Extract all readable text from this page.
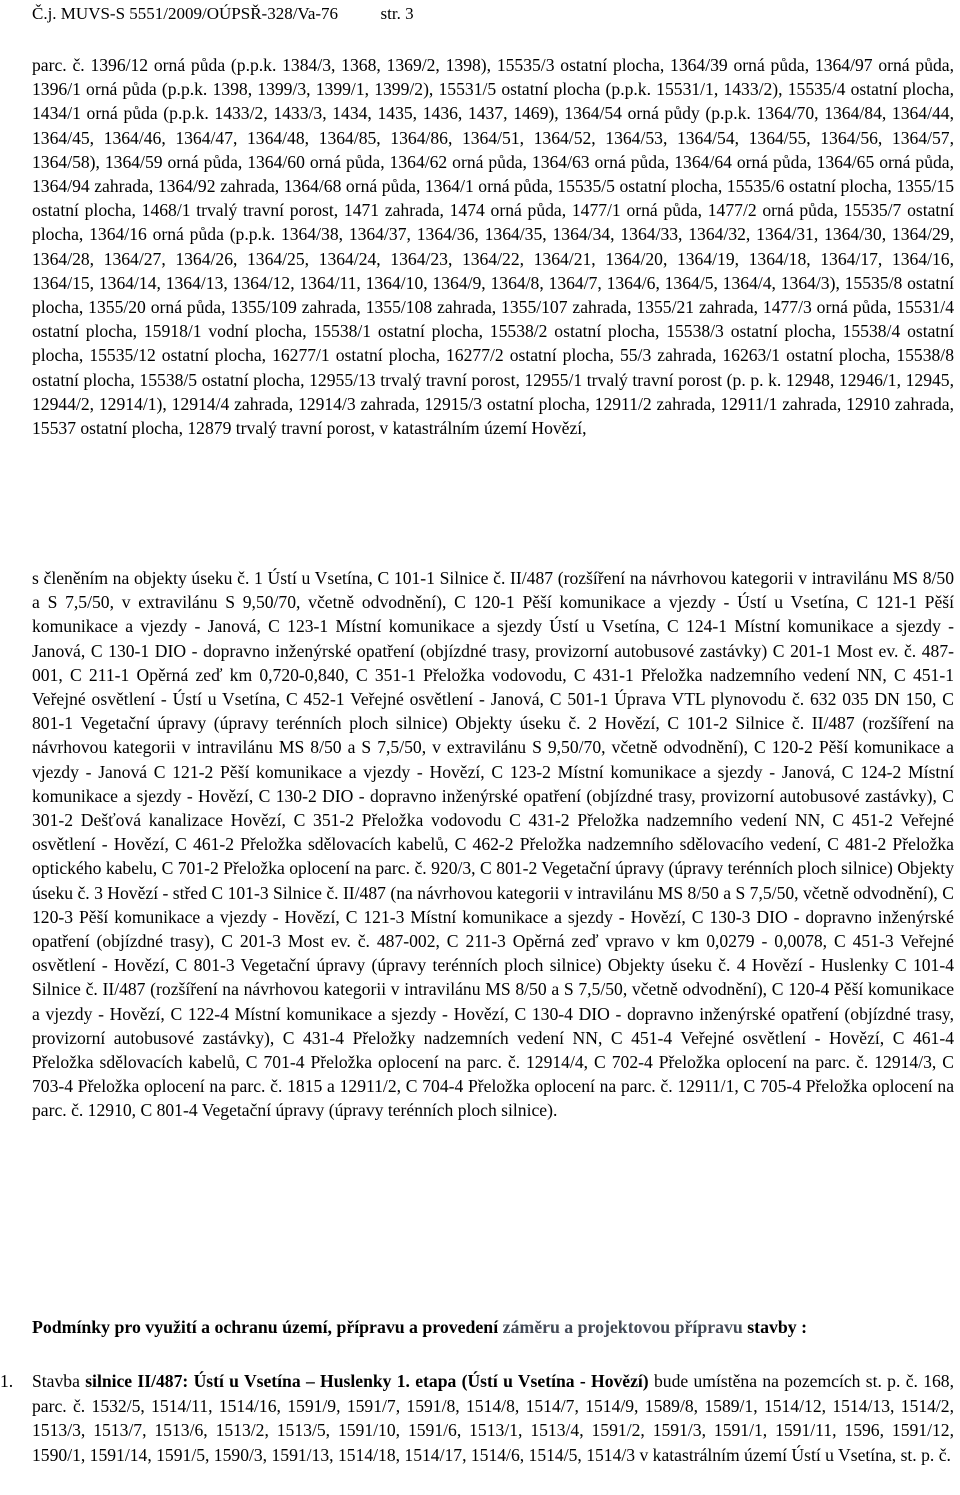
Č.j. MUVS-S 5551/2009/OÚPSŘ-328/Va-76	str. 3
parc. č. 1396/12 orná půda (p.p.k. 1384/3, 1368, 1369/2, 1398), 15535/3 ostatní plocha, 1364/39 orná půda, 1364/97 orná půda, 1396/1 orná půda (p.p.k. 1398, 1399/3, 1399/1, 1399/2), 15531/5 ostatní plocha (p.p.k. 15531/1, 1433/2), 15535/4 ostatní plocha, 1434/1 orná půda (p.p.k. 1433/2, 1433/3, 1434, 1435, 1436, 1437, 1469), 1364/54 orná půdy (p.p.k. 1364/70, 1364/84, 1364/44, 1364/45, 1364/46, 1364/47, 1364/48, 1364/85, 1364/86, 1364/51, 1364/52, 1364/53, 1364/54, 1364/55, 1364/56, 1364/57, 1364/58), 1364/59 orná půda, 1364/60 orná půda, 1364/62 orná půda, 1364/63 orná půda, 1364/64 orná půda, 1364/65 orná půda, 1364/94 zahrada, 1364/92 zahrada, 1364/68 orná půda, 1364/1 orná půda, 15535/5 ostatní plocha, 15535/6 ostatní plocha, 1355/15 ostatní plocha, 1468/1 trvalý travní porost, 1471 zahrada, 1474 orná půda, 1477/1 orná půda, 1477/2 orná půda, 15535/7 ostatní plocha, 1364/16 orná půda (p.p.k. 1364/38, 1364/37, 1364/36, 1364/35, 1364/34, 1364/33, 1364/32, 1364/31, 1364/30, 1364/29, 1364/28, 1364/27, 1364/26, 1364/25, 1364/24, 1364/23, 1364/22, 1364/21, 1364/20, 1364/19, 1364/18, 1364/17, 1364/16, 1364/15, 1364/14, 1364/13, 1364/12, 1364/11, 1364/10, 1364/9, 1364/8, 1364/7, 1364/6, 1364/5, 1364/4, 1364/3), 15535/8 ostatní plocha, 1355/20 orná půda, 1355/109 zahrada, 1355/108 zahrada, 1355/107 zahrada, 1355/21 zahrada, 1477/3 orná půda, 15531/4 ostatní plocha, 15918/1 vodní plocha, 15538/1 ostatní plocha, 15538/2 ostatní plocha, 15538/3 ostatní plocha, 15538/4 ostatní plocha, 15535/12 ostatní plocha, 16277/1 ostatní plocha, 16277/2 ostatní plocha, 55/3 zahrada, 16263/1 ostatní plocha, 15538/8 ostatní plocha, 15538/5 ostatní plocha, 12955/13 trvalý travní porost, 12955/1 trvalý travní porost (p. p. k. 12948, 12946/1, 12945, 12944/2, 12914/1), 12914/4 zahrada, 12914/3 zahrada, 12915/3 ostatní plocha, 12911/2 zahrada, 12911/1 zahrada, 12910 zahrada, 15537 ostatní plocha, 12879 trvalý travní porost, v katastrálním území Hovězí,
s členěním na objekty úseku č. 1 Ústí u Vsetína, C 101-1 Silnice č. II/487 (rozšíření na návrhovou kategorii v intravilánu MS 8/50 a S 7,5/50, v extravilánu S 9,50/70, včetně odvodnění), C 120-1 Pěší komunikace a vjezdy - Ústí u Vsetína, C 121-1 Pěší komunikace a vjezdy - Janová, C 123-1 Místní komunikace a sjezdy Ústí u Vsetína, C 124-1 Místní komunikace a sjezdy - Janová, C 130-1 DIO - dopravno inženýrské opatření (objízdné trasy, provizorní autobusové zastávky) C 201-1 Most ev. č. 487-001, C 211-1 Opěrná zeď km 0,720-0,840, C 351-1 Přeložka vodovodu, C 431-1 Přeložka nadzemního vedení NN, C 451-1 Veřejné osvětlení - Ústí u Vsetína, C 452-1 Veřejné osvětlení - Janová, C 501-1 Úprava VTL plynovodu č. 632 035 DN 150, C 801-1 Vegetační úpravy (úpravy terénních ploch silnice) Objekty úseku č. 2 Hovězí, C 101-2 Silnice č. II/487 (rozšíření na návrhovou kategorii v intravilánu MS 8/50 a S 7,5/50, v extravilánu S 9,50/70, včetně odvodnění), C 120-2 Pěší komunikace a vjezdy - Janová C 121-2 Pěší komunikace a vjezdy - Hovězí, C 123-2 Místní komunikace a sjezdy - Janová, C 124-2 Místní komunikace a sjezdy - Hovězí, C 130-2 DIO - dopravno inženýrské opatření (objízdné trasy, provizorní autobusové zastávky), C 301-2 Dešťová kanalizace Hovězí, C 351-2 Přeložka vodovodu C 431-2 Přeložka nadzemního vedení NN, C 451-2 Veřejné osvětlení - Hovězí, C 461-2 Přeložka sdělovacích kabelů, C 462-2 Přeložka nadzemního sdělovacího vedení, C 481-2 Přeložka optického kabelu, C 701-2 Přeložka oplocení na parc. č. 920/3, C 801-2 Vegetační úpravy (úpravy terénních ploch silnice) Objekty úseku č. 3 Hovězí - střed C 101-3 Silnice č. II/487 (na návrhovou kategorii v intravilánu MS 8/50 a S 7,5/50, včetně odvodnění), C 120-3 Pěší komunikace a vjezdy - Hovězí, C 121-3 Místní komunikace a sjezdy - Hovězí, C 130-3 DIO - dopravno inženýrské opatření (objízdné trasy), C 201-3 Most ev. č. 487-002, C 211-3 Opěrná zeď vpravo v km 0,0279 - 0,0078, C 451-3 Veřejné osvětlení - Hovězí, C 801-3 Vegetační úpravy (úpravy terénních ploch silnice) Objekty úseku č. 4 Hovězí - Huslenky C 101-4 Silnice č. II/487 (rozšíření na návrhovou kategorii v intravilánu MS 8/50 a S 7,5/50, včetně odvodnění), C 120-4 Pěší komunikace a vjezdy - Hovězí, C 122-4 Místní komunikace a sjezdy - Hovězí, C 130-4 DIO - dopravno inženýrské opatření (objízdné trasy, provizorní autobusové zastávky), C 431-4 Přeložky nadzemních vedení NN, C 451-4 Veřejné osvětlení - Hovězí, C 461-4 Přeložka sdělovacích kabelů, C 701-4 Přeložka oplocení na parc. č. 12914/4, C 702-4 Přeložka oplocení na parc. č. 12914/3, C 703-4 Přeložka oplocení na parc. č. 1815 a 12911/2, C 704-4 Přeložka oplocení na parc. č. 12911/1, C 705-4 Přeložka oplocení na parc. č. 12910, C 801-4 Vegetační úpravy (úpravy terénních ploch silnice).
Podmínky pro využití a ochranu území, přípravu a provedení záměru a projektovou přípravu stavby :
1. Stavba silnice II/487: Ústí u Vsetína – Huslenky 1. etapa (Ústí u Vsetína - Hovězí) bude umístěna na pozemcích st. p. č. 168, parc. č. 1532/5, 1514/11, 1514/16, 1591/9, 1591/7, 1591/8, 1514/8, 1514/7, 1514/9, 1589/8, 1589/1, 1514/12, 1514/13, 1514/2, 1513/3, 1513/7, 1513/6, 1513/2, 1513/5, 1591/10, 1591/6, 1513/1, 1513/4, 1591/2, 1591/3, 1591/1, 1591/11, 1596, 1591/12, 1590/1, 1591/14, 1591/5, 1590/3, 1591/13, 1514/18, 1514/17, 1514/6, 1514/5, 1514/3 v katastrálním území Ústí u Vsetína, st. p. č.
